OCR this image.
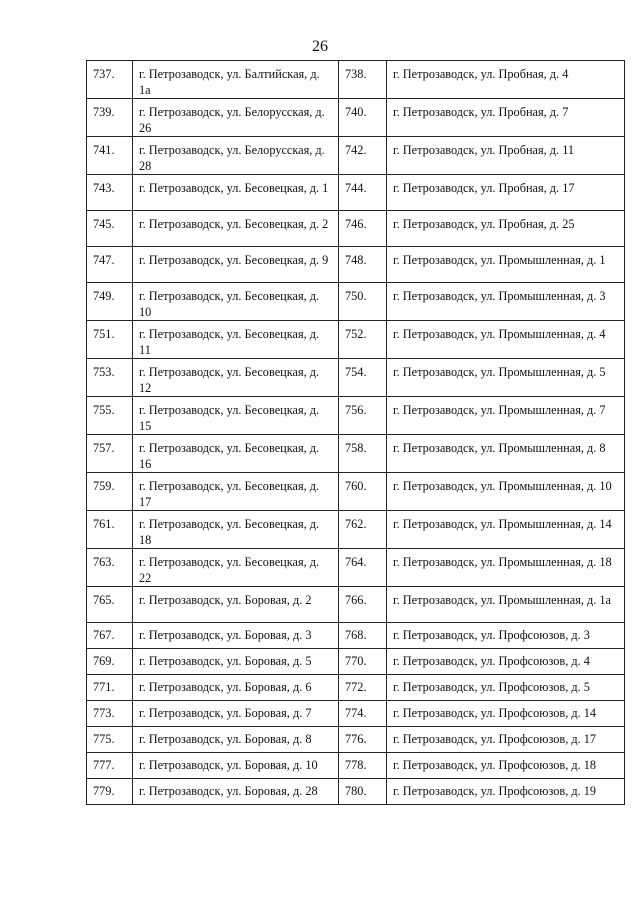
26
737.	г. Петрозаводск, ул. Балтийская, д. 1а	738.	г. Петрозаводск, ул. Пробная, д. 4
739.	г. Петрозаводск, ул. Белорусская, д. 26	740.	г. Петрозаводск, ул. Пробная, д. 7
741.	г. Петрозаводск, ул. Белорусская, д. 28	742.	г. Петрозаводск, ул. Пробная, д. 11
743.	г. Петрозаводск, ул. Бесовецкая, д. 1	744.	г. Петрозаводск, ул. Пробная, д. 17
745.	г. Петрозаводск, ул. Бесовецкая, д. 2	746.	г. Петрозаводск, ул. Пробная, д. 25
747.	г. Петрозаводск, ул. Бесовецкая, д. 9	748.	г. Петрозаводск, ул. Промышленная, д. 1
749.	г. Петрозаводск, ул. Бесовецкая, д. 10	750.	г. Петрозаводск, ул. Промышленная, д. 3
751.	г. Петрозаводск, ул. Бесовецкая, д. 11	752.	г. Петрозаводск, ул. Промышленная, д. 4
753.	г. Петрозаводск, ул. Бесовецкая, д. 12	754.	г. Петрозаводск, ул. Промышленная, д. 5
755.	г. Петрозаводск, ул. Бесовецкая, д. 15	756.	г. Петрозаводск, ул. Промышленная, д. 7
757.	г. Петрозаводск, ул. Бесовецкая, д. 16	758.	г. Петрозаводск, ул. Промышленная, д. 8
759.	г. Петрозаводск, ул. Бесовецкая, д. 17	760.	г. Петрозаводск, ул. Промышленная, д. 10
761.	г. Петрозаводск, ул. Бесовецкая, д. 18	762.	г. Петрозаводск, ул. Промышленная, д. 14
763.	г. Петрозаводск, ул. Бесовецкая, д. 22	764.	г. Петрозаводск, ул. Промышленная, д. 18
765.	г. Петрозаводск, ул. Боровая, д. 2	766.	г. Петрозаводск, ул. Промышленная, д. 1а
767.	г. Петрозаводск, ул. Боровая, д. 3	768.	г. Петрозаводск, ул. Профсоюзов, д. 3
769.	г. Петрозаводск, ул. Боровая, д. 5	770.	г. Петрозаводск, ул. Профсоюзов, д. 4
771.	г. Петрозаводск, ул. Боровая, д. 6	772.	г. Петрозаводск, ул. Профсоюзов, д. 5
773.	г. Петрозаводск, ул. Боровая, д. 7	774.	г. Петрозаводск, ул. Профсоюзов, д. 14
775.	г. Петрозаводск, ул. Боровая, д. 8	776.	г. Петрозаводск, ул. Профсоюзов, д. 17
777.	г. Петрозаводск, ул. Боровая, д. 10	778.	г. Петрозаводск, ул. Профсоюзов, д. 18
779.	г. Петрозаводск, ул. Боровая, д. 28	780.	г. Петрозаводск, ул. Профсоюзов, д. 19
